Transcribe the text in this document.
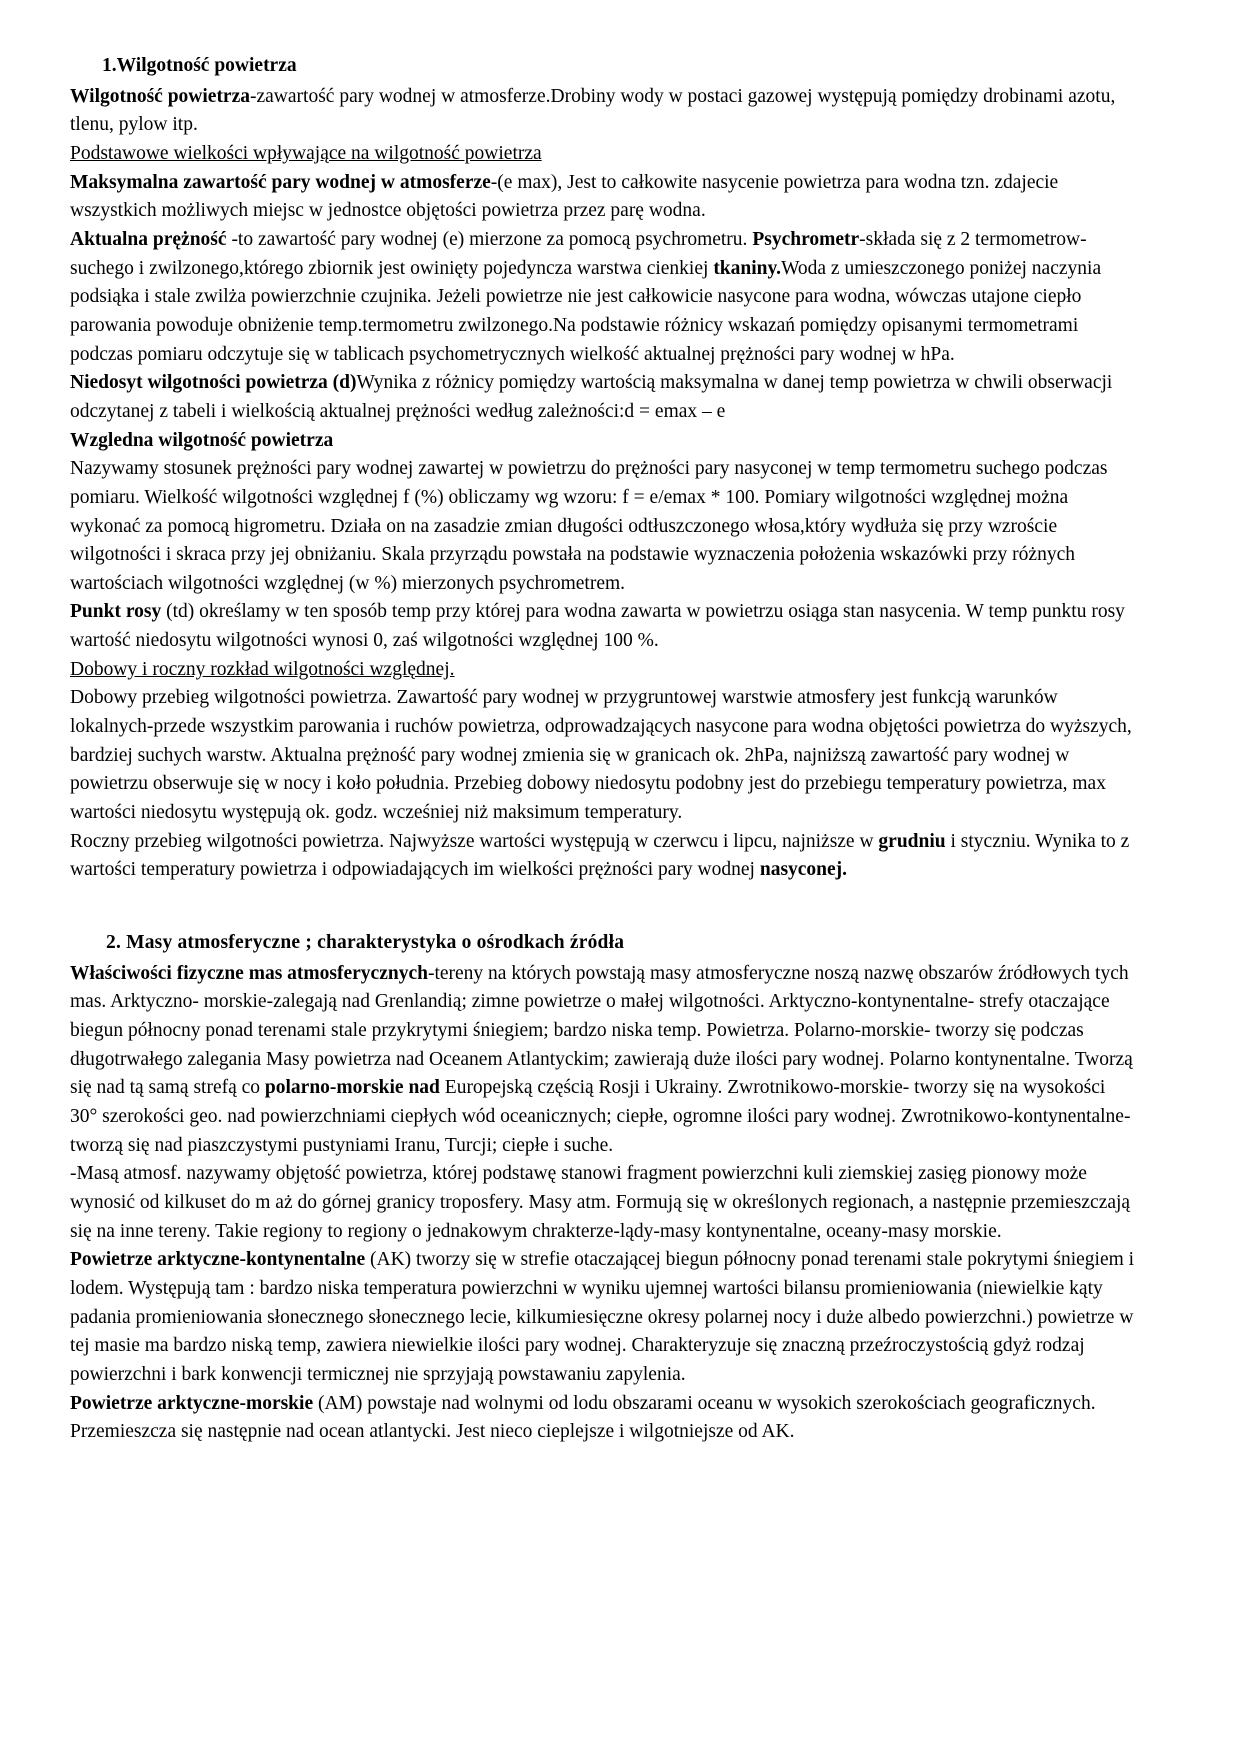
1.Wilgotność powietrza

Wilgotność powietrza-zawartość pary wodnej w atmosferze.Drobiny wody w postaci gazowej występują pomiędzy drobinami azotu, tlenu, pylow itp.

Podstawowe wielkości wpływające na wilgotność powietrza

Maksymalna zawartość pary wodnej w atmosferze-(e max), Jest to całkowite nasycenie powietrza para wodna tzn. zdajecie wszystkich możliwych miejsc w jednostce objętości powietrza przez parę wodna.

Aktualna prężność -to zawartość pary wodnej (e) mierzone za pomocą psychrometru. Psychrometr-składa się z 2 termometrow-suchego i zwilzonego,którego zbiornik jest owinięty pojedyncza warstwa cienkiej tkaniny.Woda z umieszczonego poniżej naczynia podsiąka i stale zwilża powierzchnie czujnika. Jeżeli powietrze nie jest całkowicie nasycone para wodna, wówczas utajone ciepło parowania powoduje obniżenie temp.termometru zwilzonego.Na podstawie różnicy wskazań pomiędzy opisanymi termometrami podczas pomiaru odczytuje się w tablicach psychometrycznych wielkość aktualnej prężności pary wodnej w hPa.

Niedosyt wilgotności powietrza (d)Wynika z różnicy pomiędzy wartością maksymalna w danej temp powietrza w chwili obserwacji odczytanej z tabeli i wielkością aktualnej prężności według zależności:d = emax – e

Wzgledna wilgotność powietrza

Nazywamy stosunek prężności pary wodnej zawartej w powietrzu do prężności pary nasyconej w temp termometru suchego podczas pomiaru. Wielkość wilgotności względnej f (%) obliczamy wg wzoru: f = e/emax * 100. Pomiary wilgotności względnej można wykonać za pomocą higrometru. Działa on na zasadzie zmian długości odtłuszczonego włosa,który wydłuża się przy wzroście wilgotności i skraca przy jej obniżaniu. Skala przyrządu powstała na podstawie wyznaczenia położenia wskazówki przy różnych wartościach wilgotności względnej (w %) mierzonych psychrometrem.

Punkt rosy (td) określamy w ten sposób temp przy której para wodna zawarta w powietrzu osiąga stan nasycenia. W temp punktu rosy wartość niedosytu wilgotności wynosi 0, zaś wilgotności względnej 100 %.

Dobowy i roczny rozkład wilgotności względnej.

Dobowy przebieg wilgotności powietrza. Zawartość pary wodnej w przygruntowej warstwie atmosfery jest funkcją warunków lokalnych-przede wszystkim parowania i ruchów powietrza, odprowadzających nasycone para wodna objętości powietrza do wyższych, bardziej suchych warstw. Aktualna prężność pary wodnej zmienia się w granicach ok. 2hPa, najniższą zawartość pary wodnej w powietrzu obserwuje się w nocy i koło południa. Przebieg dobowy niedosytu podobny jest do przebiegu temperatury powietrza, max wartości niedosytu występują ok. godz. wcześniej niż maksimum temperatury.

Roczny przebieg wilgotności powietrza. Najwyższe wartości występują w czerwcu i lipcu, najniższe w grudniu i styczniu. Wynika to z wartości temperatury powietrza i odpowiadających im wielkości prężności pary wodnej nasyconej.

2. Masy atmosferyczne ; charakterystyka o ośrodkach źródła

Właściwości fizyczne mas atmosferycznych-tereny na których powstają masy atmosferyczne noszą nazwę obszarów źródłowych tych mas. Arktyczno- morskie-zalegają nad Grenlandią; zimne powietrze o małej wilgotności. Arktyczno-kontynentalne- strefy otaczające biegun północny ponad terenami stale przykrytymi śniegiem; bardzo niska temp. Powietrza. Polarno-morskie- tworzy się podczas długotrwałego zalegania Masy powietrza nad Oceanem Atlantyckim; zawierają duże ilości pary wodnej. Polarno kontynentalne. Tworzą się nad tą samą strefą co polarno-morskie nad Europejską częścią Rosji i Ukrainy. Zwrotnikowo-morskie- tworzy się na wysokości 30° szerokości geo. nad powierzchniami ciepłych wód oceanicznych; ciepłe, ogromne ilości pary wodnej. Zwrotnikowo-kontynentalne-tworzą się nad piaszczystymi pustyniami Iranu, Turcji; ciepłe i suche.

-Masą atmosf. nazywamy objętość powietrza, której podstawę stanowi fragment powierzchni kuli ziemskiej zasięg pionowy może wynosić od kilkuset do m aż do górnej granicy troposfery. Masy atm. Formują się w określonych regionach, a następnie przemieszczają się na inne tereny. Takie regiony to regiony o jednakowym chrakterze-lądy-masy kontynentalne, oceany-masy morskie.

Powietrze arktyczne-kontynentalne (AK) tworzy się w strefie otaczającej biegun północny ponad terenami stale pokrytymi śniegiem i lodem. Występują tam : bardzo niska temperatura powierzchni w wyniku ujemnej wartości bilansu promieniowania (niewielkie kąty padania promieniowania słonecznego słonecznego lecie, kilkumiesięczne okresy polarnej nocy i duże albedo powierzchni.) powietrze w tej masie ma bardzo niską temp, zawiera niewielkie ilości pary wodnej. Charakteryzuje się znaczną przeźroczystością gdyż rodzaj powierzchni i bark konwencji termicznej nie sprzyjają powstawaniu zapylenia.

Powietrze arktyczne-morskie (AM) powstaje nad wolnymi od lodu obszarami oceanu w wysokich szerokościach geograficznych. Przemieszcza się następnie nad ocean atlantycki. Jest nieco cieplejsze i wilgotniejsze od AK.
